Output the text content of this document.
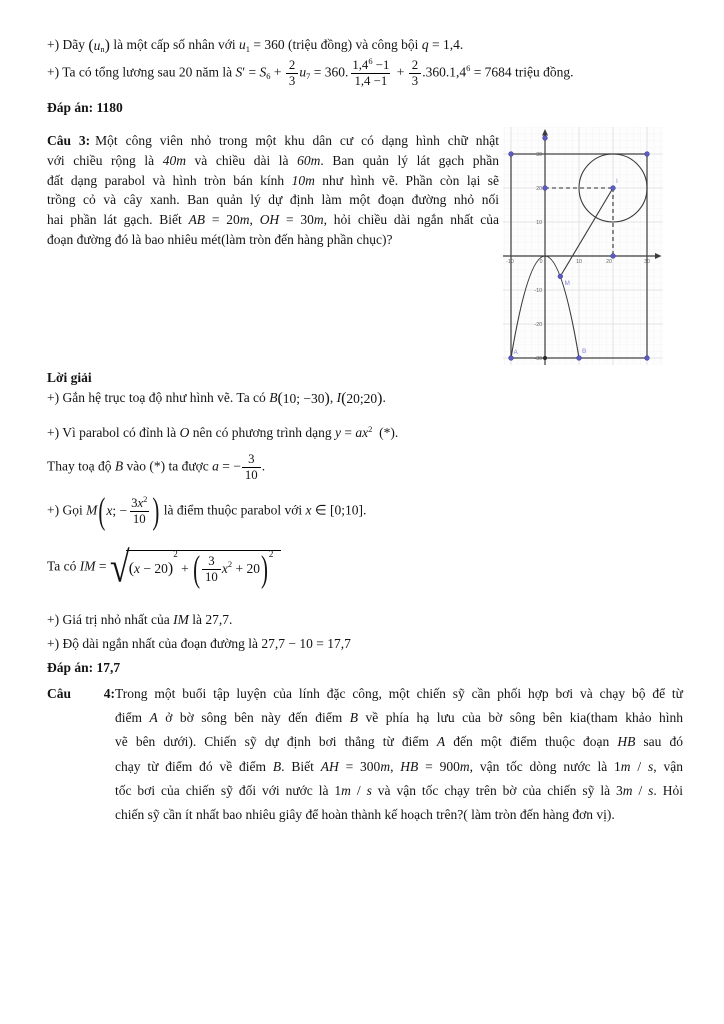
+) Dãy ( u n ) là một cấp số nhân với $u_1 = 360$ (triệu đồng) và công bội q = 1,4.
+) Ta có tổng lương sau 20 năm là $S' = S_6 + \frac{2}{3} u_7 = 360$. $\frac{1,4^6 -1}{1,4 -1} + \frac{2}{3} .360.1,4^6 = 7684$ triệu đồng.
Đáp án: 1180
Câu 3: Một công viên nhỏ trong một khu dân cư có dạng hình chữ nhật
với chiều rộng là 40m và chiều dài là 60m. Ban quản lý lát gạch phần
đất dạng parabol và hình tròn bán kính 10m như hình vẽ. Phần còn lại sẽ
trồng cỏ và cây xanh. Ban quản lý dự định làm một đoạn đường nhỏ nối
hai phần lát gạch. Biết AB = 20m, OH = 30m, hỏi chiều dài ngắn nhất của
đoạn đường đó là bao nhiêu mét(làm tròn đến hàng phần chục)?
A	B
I
M
30
20
10
-10
-20
-30
-10	0	10	20	30
Lời giải
+) Gắn hệ trục toạ độ như hình vẽ. Ta có B ( 10; −30 ) , I ( 20;20 ) .
+) Vì parabol có đỉnh là O nên có phương trình dạng $y = ax^2$  (*).
Thay toạ độ B vào (*) ta được a = − $\frac{3}{10}$ .
+) Gọi M ( x ; − $\frac{3x^2}{10}$ ) là điểm thuộc parabol với x ∈ [0;10].
Ta có IM = √ ( x − 20 )
2
+ ( 3
10
x 2 + 20 ) 2
+) Giá trị nhỏ nhất của IM là 27,7.
+) Độ dài ngắn nhất của đoạn đường là 27,7 − 10 = 17,7
Đáp án: 17,7
Câu 4:Trong một buổi tập luyện của lính đặc công, một chiến sỹ cần phối hợp bơi và chạy bộ để từ
điểm A ở bờ sông bên này đến điểm B về phía hạ lưu của bờ sông bên kia(tham khảo hình
vẽ bên dưới). Chiến sỹ dự định bơi thẳng từ điểm A đến một điểm thuộc đoạn HB sau đó
chạy từ điểm đó về điểm B. Biết AH = 300m, HB = 900m, vận tốc dòng nước là 1m / s, vận
tốc bơi của chiến sỹ đối với nước là 1m / s và vận tốc chạy trên bờ của chiến sỹ là 3m / s. Hỏi
chiến sỹ cần ít nhất bao nhiêu giây để hoàn thành kế hoạch trên?( làm tròn đến hàng đơn vị).
